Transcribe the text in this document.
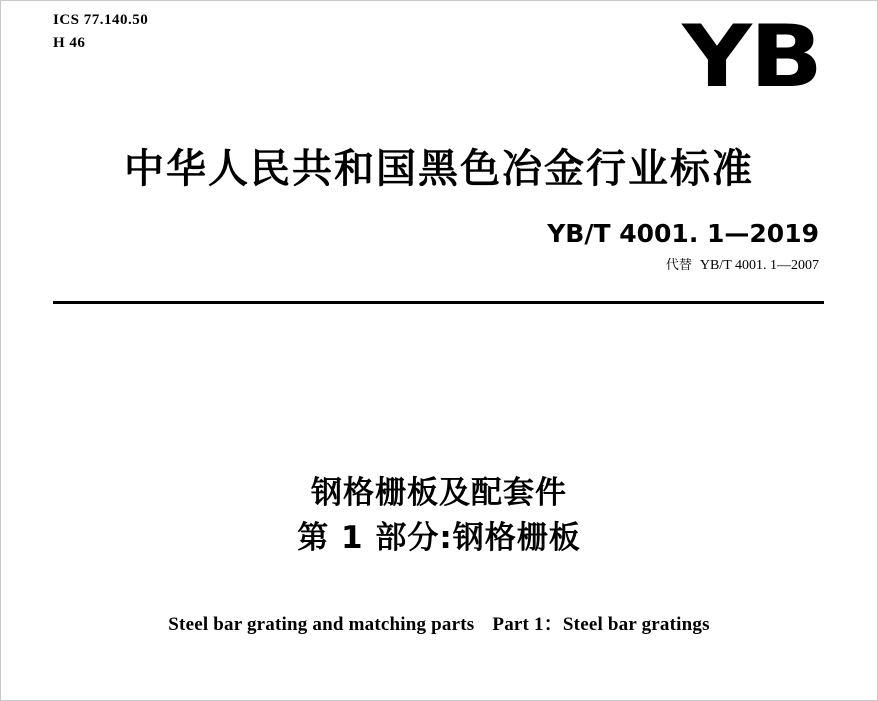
ICS 77.140.50
H 46	YB
中华人民共和国黑色冶金行业标准
YB/T 4001. 1—2019
代替 YB/T 4001. 1—2007
钢格栅板及配套件
第 1 部分:钢格栅板
Steel bar grating and matching parts Part 1：Steel bar gratings
